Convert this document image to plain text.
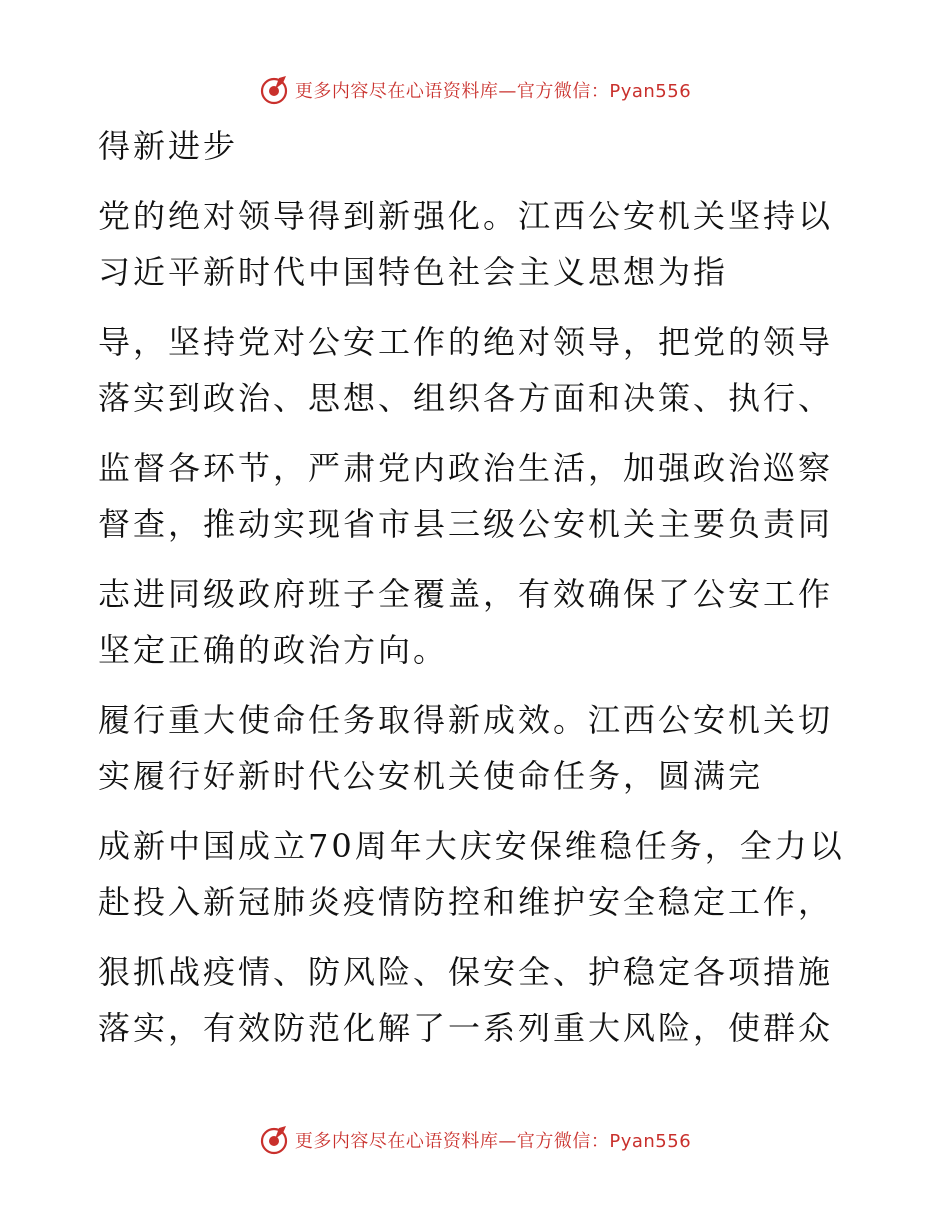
更多内容尽在心语资料库—官方微信：Pyan556

得新进步

党的绝对领导得到新强化。江西公安机关坚持以

习近平新时代中国特色社会主义思想为指

导，坚持党对公安工作的绝对领导，把党的领导

落实到政治、思想、组织各方面和决策、执行、

监督各环节，严肃党内政治生活，加强政治巡察

督查，推动实现省市县三级公安机关主要负责同

志进同级政府班子全覆盖，有效确保了公安工作

坚定正确的政治方向。

履行重大使命任务取得新成效。江西公安机关切

实履行好新时代公安机关使命任务，圆满完

成新中国成立70周年大庆安保维稳任务，全力以

赴投入新冠肺炎疫情防控和维护安全稳定工作，

狠抓战疫情、防风险、保安全、护稳定各项措施

落实，有效防范化解了一系列重大风险，使群众

更多内容尽在心语资料库—官方微信：Pyan556
